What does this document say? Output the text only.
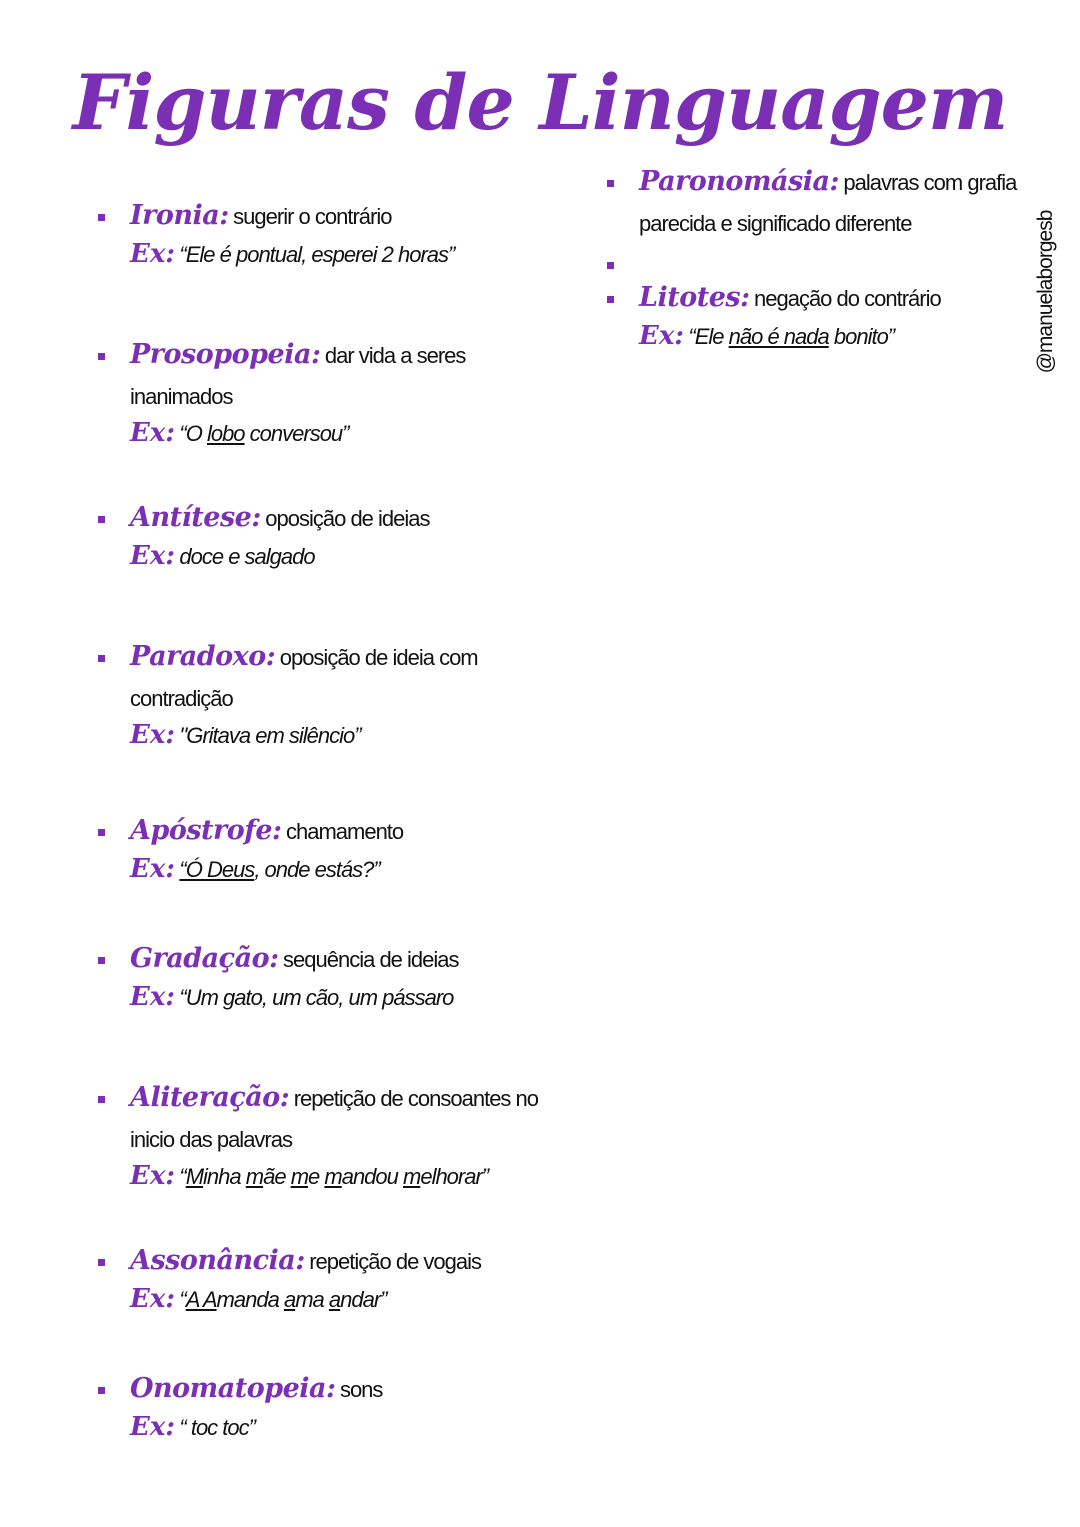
Figuras de Linguagem
@manuelaborgesb
Ironia: sugerir o contrário
Ex: “Ele é pontual, esperei 2 horas”
Prosopopeia: dar vida a seres
inanimados
Ex: “O lobo conversou”
Antítese: oposição de ideias
Ex: doce e salgado
Paradoxo: oposição de ideia com
contradição
Ex: "Gritava em silêncio”
Apóstrofe: chamamento
Ex: “Ó Deus, onde estás?”
Gradação: sequência de ideias
Ex: “Um gato, um cão, um pássaro
Aliteração: repetição de consoantes no
inicio das palavras
Ex: “Minha mãe me mandou melhorar”
Assonância: repetição de vogais
Ex: “A Amanda ama andar”
Onomatopeia: sons
Ex: “ toc toc”
Paronomásia: palavras com grafia
parecida e significado diferente
Litotes: negação do contrário
Ex: “Ele não é nada bonito”
